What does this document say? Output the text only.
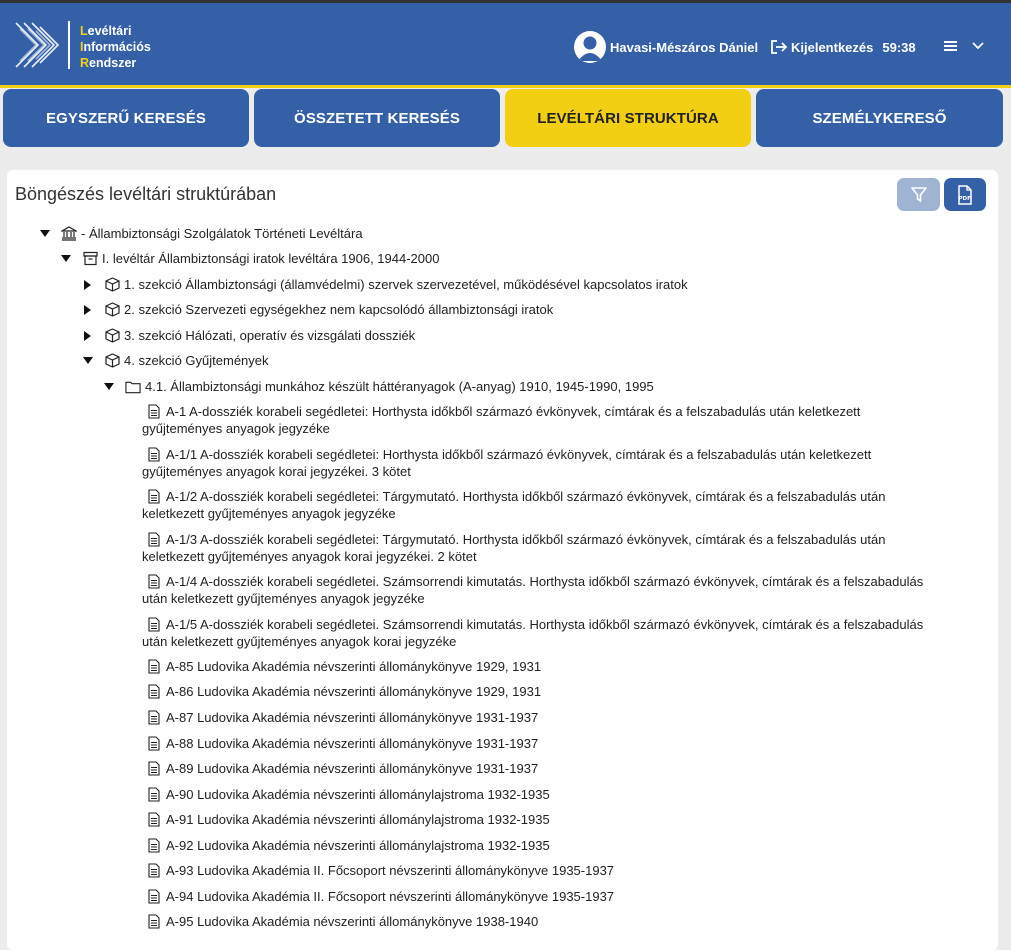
Levéltári
Információs
Rendszer
Havasi-Mészáros Dániel	Kijelentkezés 59:38
EGYSZERŰ KERESÉS	ÖSSZETETT KERESÉS	LEVÉLTÁRI STRUKTÚRA	SZEMÉLYKERESŐ
Böngészés levéltári struktúrában	PDF
- Állambiztonsági Szolgálatok Történeti Levéltára
I. levéltár Állambiztonsági iratok levéltára 1906, 1944-2000
1. szekció Állambiztonsági (államvédelmi) szervek szervezetével, működésével kapcsolatos iratok
2. szekció Szervezeti egységekhez nem kapcsolódó állambiztonsági iratok
3. szekció Hálózati, operatív és vizsgálati dossziék
4. szekció Gyűjtemények
4.1. Állambiztonsági munkához készült háttéranyagok (A-anyag) 1910, 1945-1990, 1995
A-1 A-dossziék korabeli segédletei: Horthysta időkből származó évkönyvek, címtárak és a felszabadulás után keletkezett gyűjteményes anyagok jegyzéke
A-1/1 A-dossziék korabeli segédletei: Horthysta időkből származó évkönyvek, címtárak és a felszabadulás után keletkezett gyűjteményes anyagok korai jegyzékei. 3 kötet
A-1/2 A-dossziék korabeli segédletei: Tárgymutató. Horthysta időkből származó évkönyvek, címtárak és a felszabadulás után keletkezett gyűjteményes anyagok jegyzéke
A-1/3 A-dossziék korabeli segédletei: Tárgymutató. Horthysta időkből származó évkönyvek, címtárak és a felszabadulás után keletkezett gyűjteményes anyagok korai jegyzékei. 2 kötet
A-1/4 A-dossziék korabeli segédletei. Számsorrendi kimutatás. Horthysta időkből származó évkönyvek, címtárak és a felszabadulás után keletkezett gyűjteményes anyagok jegyzéke
A-1/5 A-dossziék korabeli segédletei. Számsorrendi kimutatás. Horthysta időkből származó évkönyvek, címtárak és a felszabadulás után keletkezett gyűjteményes anyagok korai jegyzéke
A-85 Ludovika Akadémia névszerinti állománykönyve 1929, 1931
A-86 Ludovika Akadémia névszerinti állománykönyve 1929, 1931
A-87 Ludovika Akadémia névszerinti állománykönyve 1931-1937
A-88 Ludovika Akadémia névszerinti állománykönyve 1931-1937
A-89 Ludovika Akadémia névszerinti állománykönyve 1931-1937
A-90 Ludovika Akadémia névszerinti állománylajstroma 1932-1935
A-91 Ludovika Akadémia névszerinti állománylajstroma 1932-1935
A-92 Ludovika Akadémia névszerinti állománylajstroma 1932-1935
A-93 Ludovika Akadémia II. Főcsoport névszerinti állománykönyve 1935-1937
A-94 Ludovika Akadémia II. Főcsoport névszerinti állománykönyve 1935-1937
A-95 Ludovika Akadémia névszerinti állománykönyve 1938-1940
